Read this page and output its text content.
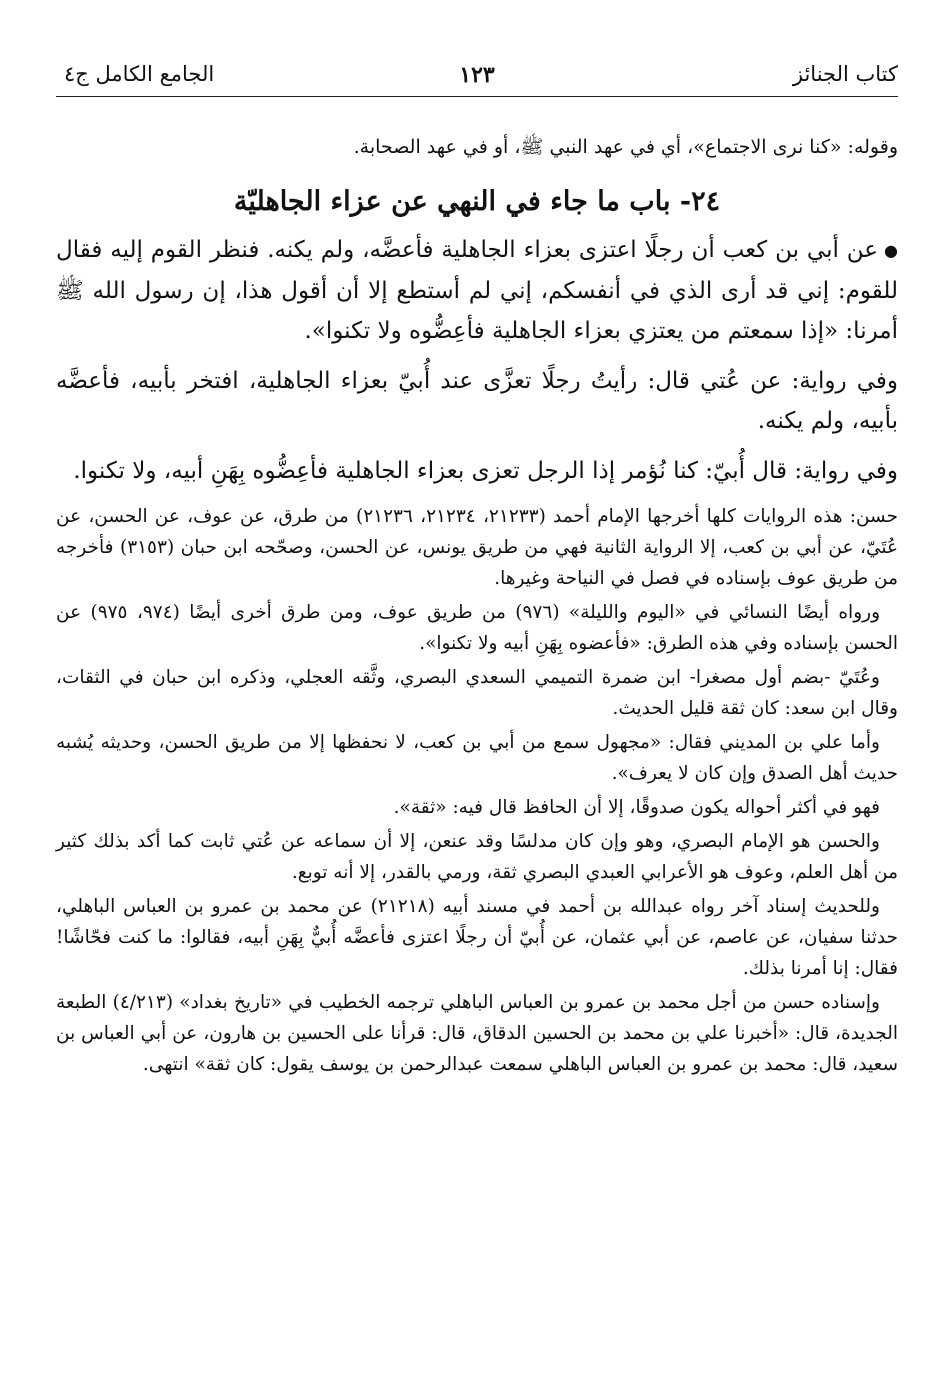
كتاب الجنائز
١٢٣
الجامع الكامل ج٤

وقوله: «كنا نرى الاجتماع»، أي في عهد النبي ﷺ، أو في عهد الصحابة.

٢٤- باب ما جاء في النهي عن عزاء الجاهليّة

●عن أبي بن كعب أن رجلًا اعتزى بعزاء الجاهلية فأعضَّه، ولم يكنه. فنظر القوم إليه فقال للقوم: إني قد أرى الذي في أنفسكم، إني لم أستطع إلا أن أقول هذا، إن رسول الله ﷺ أمرنا: «إذا سمعتم من يعتزي بعزاء الجاهلية فأعِضُّوه ولا تكنوا».

وفي رواية: عن عُتي قال: رأيتُ رجلًا تعزَّى عند أُبيّ بعزاء الجاهلية، افتخر بأبيه، فأعضَّه بأبيه، ولم يكنه.

وفي رواية: قال أُبيّ: كنا نُؤمر إذا الرجل تعزى بعزاء الجاهلية فأعِضُّوه بِهَنِ أبيه، ولا تكنوا.

حسن: هذه الروايات كلها أخرجها الإمام أحمد (٢١٢٣٣، ٢١٢٣٤، ٢١٢٣٦) من طرق، عن عوف، عن الحسن، عن عُتَيّ، عن أبي بن كعب، إلا الرواية الثانية فهي من طريق يونس، عن الحسن، وصحّحه ابن حبان (٣١٥٣) فأخرجه من طريق عوف بإسناده في فصل في النياحة وغيرها.

ورواه أيضًا النسائي في «اليوم والليلة» (٩٧٦) من طريق عوف، ومن طرق أخرى أيضًا (٩٧٤، ٩٧٥) عن الحسن بإسناده وفي هذه الطرق: «فأعضوه بِهَنِ أبيه ولا تكنوا».

وعُتَيّ -بضم أول مصغرا- ابن ضمرة التميمي السعدي البصري، وثَّقه العجلي، وذكره ابن حبان في الثقات، وقال ابن سعد: كان ثقة قليل الحديث.

وأما علي بن المديني فقال: «مجهول سمع من أبي بن كعب، لا نحفظها إلا من طريق الحسن، وحديثه يُشبه حديث أهل الصدق وإن كان لا يعرف».

فهو في أكثر أحواله يكون صدوقًا، إلا أن الحافظ قال فيه: «ثقة».

والحسن هو الإمام البصري، وهو وإن كان مدلسًا وقد عنعن، إلا أن سماعه عن عُتي ثابت كما أكد بذلك كثير من أهل العلم، وعوف هو الأعرابي العبدي البصري ثقة، ورمي بالقدر، إلا أنه توبع.

وللحديث إسناد آخر رواه عبدالله بن أحمد في مسند أبيه (٢١٢١٨) عن محمد بن عمرو بن العباس الباهلي، حدثنا سفيان، عن عاصم، عن أبي عثمان، عن أُبيّ أن رجلًا اعتزى فأعضَّه أُبيٌّ بِهَنِ أبيه، فقالوا: ما كنت فحّاشًا! فقال: إنا أمرنا بذلك.

وإسناده حسن من أجل محمد بن عمرو بن العباس الباهلي ترجمه الخطيب في «تاريخ بغداد» (٤/٢١٣) الطبعة الجديدة، قال: «أخبرنا علي بن محمد بن الحسين الدقاق، قال: قرأنا على الحسين بن هارون، عن أبي العباس بن سعيد، قال: محمد بن عمرو بن العباس الباهلي سمعت عبدالرحمن بن يوسف يقول: كان ثقة» انتهى.
